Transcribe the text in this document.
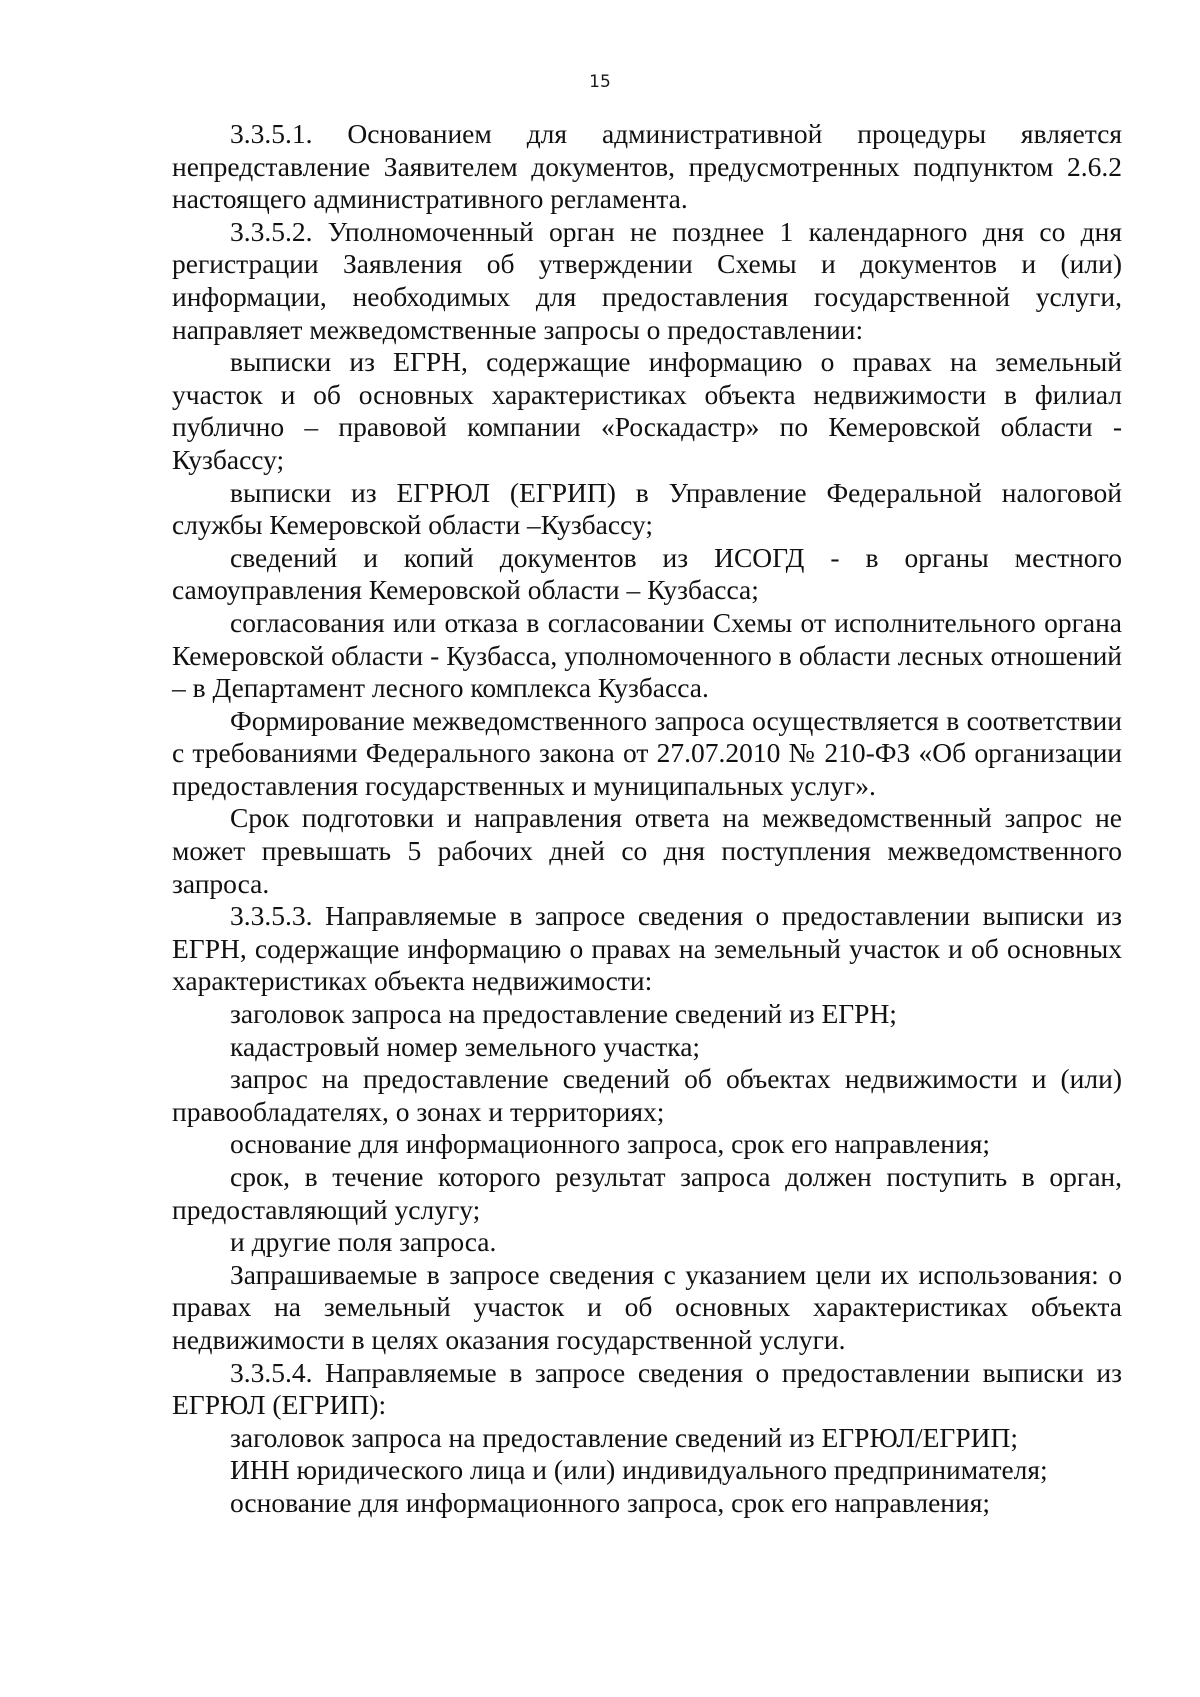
15

3.3.5.1. Основанием для административной процедуры является непредставление Заявителем документов, предусмотренных подпунктом 2.6.2 настоящего административного регламента.

3.3.5.2. Уполномоченный орган не позднее 1 календарного дня со дня регистрации Заявления об утверждении Схемы и документов и (или) информации, необходимых для предоставления государственной услуги, направляет межведомственные запросы о предоставлении:

выписки из ЕГРН, содержащие информацию о правах на земельный участок и об основных характеристиках объекта недвижимости в филиал публично – правовой компании «Роскадастр» по Кемеровской области - Кузбассу;

выписки из ЕГРЮЛ (ЕГРИП) в Управление Федеральной налоговой службы Кемеровской области –Кузбассу;

сведений и копий документов из ИСОГД - в органы местного самоуправления Кемеровской области – Кузбасса;

согласования или отказа в согласовании Схемы от исполнительного органа Кемеровской области - Кузбасса, уполномоченного в области лесных отношений – в Департамент лесного комплекса Кузбасса.

Формирование межведомственного запроса осуществляется в соответствии с требованиями Федерального закона от 27.07.2010 № 210-ФЗ «Об организации предоставления государственных и муниципальных услуг».

Срок подготовки и направления ответа на межведомственный запрос не может превышать 5 рабочих дней со дня поступления межведомственного запроса.

3.3.5.3. Направляемые в запросе сведения о предоставлении выписки из ЕГРН, содержащие информацию о правах на земельный участок и об основных характеристиках объекта недвижимости:

заголовок запроса на предоставление сведений из ЕГРН;

кадастровый номер земельного участка;

запрос на предоставление сведений об объектах недвижимости и (или) правообладателях, о зонах и территориях;

основание для информационного запроса, срок его направления;

срок, в течение которого результат запроса должен поступить в орган, предоставляющий услугу;

и другие поля запроса.

Запрашиваемые в запросе сведения с указанием цели их использования: о правах на земельный участок и об основных характеристиках объекта недвижимости в целях оказания государственной услуги.

3.3.5.4. Направляемые в запросе сведения о предоставлении выписки из ЕГРЮЛ (ЕГРИП):

заголовок запроса на предоставление сведений из ЕГРЮЛ/ЕГРИП;

ИНН юридического лица и (или) индивидуального предпринимателя;

основание для информационного запроса, срок его направления;
